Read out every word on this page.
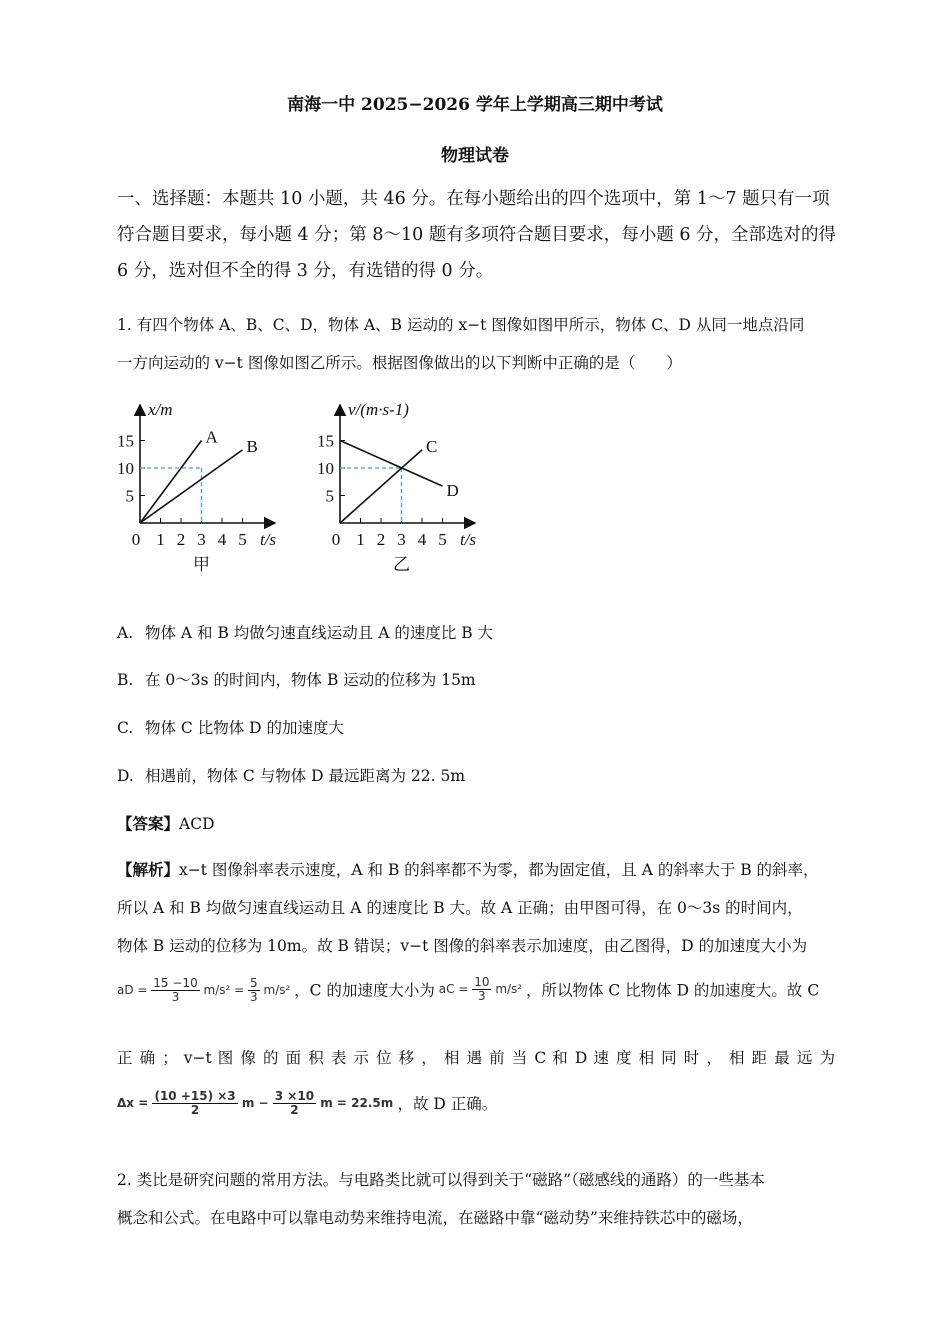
南海一中 2025−2026 学年上学期高三期中考试
物理试卷
一、选择题：本题共 10 小题，共 46 分。在每小题给出的四个选项中，第 1～7 题只有一项符合题目要求，每小题 4 分；第 8～10 题有多项符合题目要求，每小题 6 分，全部选对的得 6 分，选对但不全的得 3 分，有选错的得 0 分。
1. 有四个物体 A、B、C、D，物体 A、B 运动的 x−t 图像如图甲所示，物体 C、D 从同一地点沿同
一方向运动的 v−t 图像如图乙所示。根据图像做出的以下判断中正确的是（　　）
0 1 2 3 4 5 t/s
5
10
15
x/m
A B
甲
0 1 2 3 4 5 t/s
5
10
15
v/(m·s-1)
C
D
乙
A. 物体 A 和 B 均做匀速直线运动且 A 的速度比 B 大
B. 在 0～3s 的时间内，物体 B 运动的位移为 15m
C. 物体 C 比物体 D 的加速度大
D. 相遇前，物体 C 与物体 D 最远距离为 22. 5m
【答案】ACD
【解析】x−t 图像斜率表示速度，A 和 B 的斜率都不为零，都为固定值，且 A 的斜率大于 B 的斜率，
所以 A 和 B 均做匀速直线运动且 A 的速度比 B 大。故 A 正确；由甲图可得，在 0～3s 的时间内，
物体 B 运动的位移为 10m。故 B 错误；v−t 图像的斜率表示加速度，由乙图得，D 的加速度大小为
aD = $\frac{15 -10}{3} m/s^2 = \frac{5}{3} m/s^2$ ，C 的加速度大小为 aC = $\frac{10}{3} m/s^2$ ，所以物体 C 比物体 D 的加速度大。故 C
正 确 ； v−t 图 像 的 面 积 表 示 位 移 ， 相 遇 前 当 C 和 D 速 度 相 同 时 ， 相 距 最 远 为
$\Delta x = \frac{(10 +15) \times 3}{2}$ $m - \frac{3 \times 10}{2}$ m = 22.5m ，故 D 正确。
2. 类比是研究问题的常用方法。与电路类比就可以得到关于“磁路”（磁感线的通路）的一些基本
概念和公式。在电路中可以靠电动势来维持电流，在磁路中靠“磁动势”来维持铁芯中的磁场，
